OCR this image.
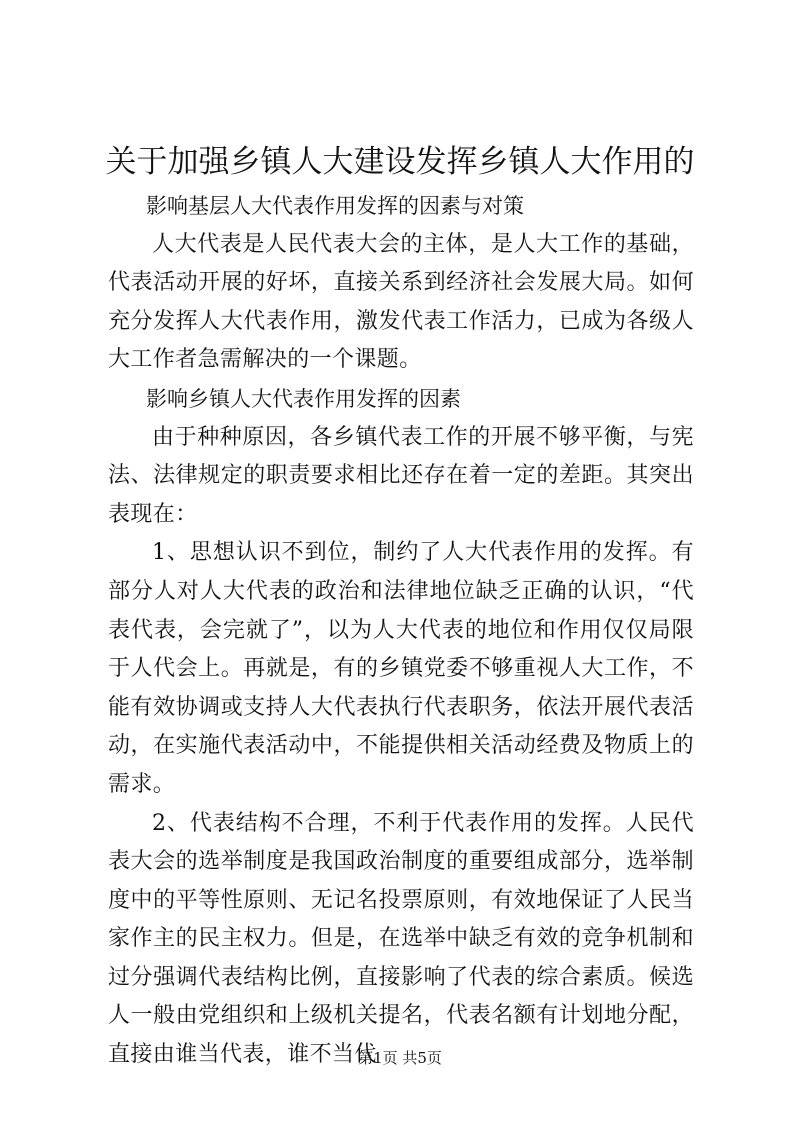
关于加强乡镇人大建设发挥乡镇人大作用的

影响基层人大代表作用发挥的因素与对策

人大代表是人民代表大会的主体，是人大工作的基础，代表活动开展的好坏，直接关系到经济社会发展大局。如何充分发挥人大代表作用，激发代表工作活力，已成为各级人大工作者急需解决的一个课题。

影响乡镇人大代表作用发挥的因素

由于种种原因，各乡镇代表工作的开展不够平衡，与宪法、法律规定的职责要求相比还存在着一定的差距。其突出表现在：

1、思想认识不到位，制约了人大代表作用的发挥。有部分人对人大代表的政治和法律地位缺乏正确的认识，“代表代表，会完就了”，以为人大代表的地位和作用仅仅局限于人代会上。再就是，有的乡镇党委不够重视人大工作，不能有效协调或支持人大代表执行代表职务，依法开展代表活动，在实施代表活动中，不能提供相关活动经费及物质上的需求。

2、代表结构不合理，不利于代表作用的发挥。人民代表大会的选举制度是我国政治制度的重要组成部分，选举制度中的平等性原则、无记名投票原则，有效地保证了人民当家作主的民主权力。但是，在选举中缺乏有效的竞争机制和过分强调代表结构比例，直接影响了代表的综合素质。候选人一般由党组织和上级机关提名，代表名额有计划地分配，直接由谁当代表，谁不当代

第1页 共5页
